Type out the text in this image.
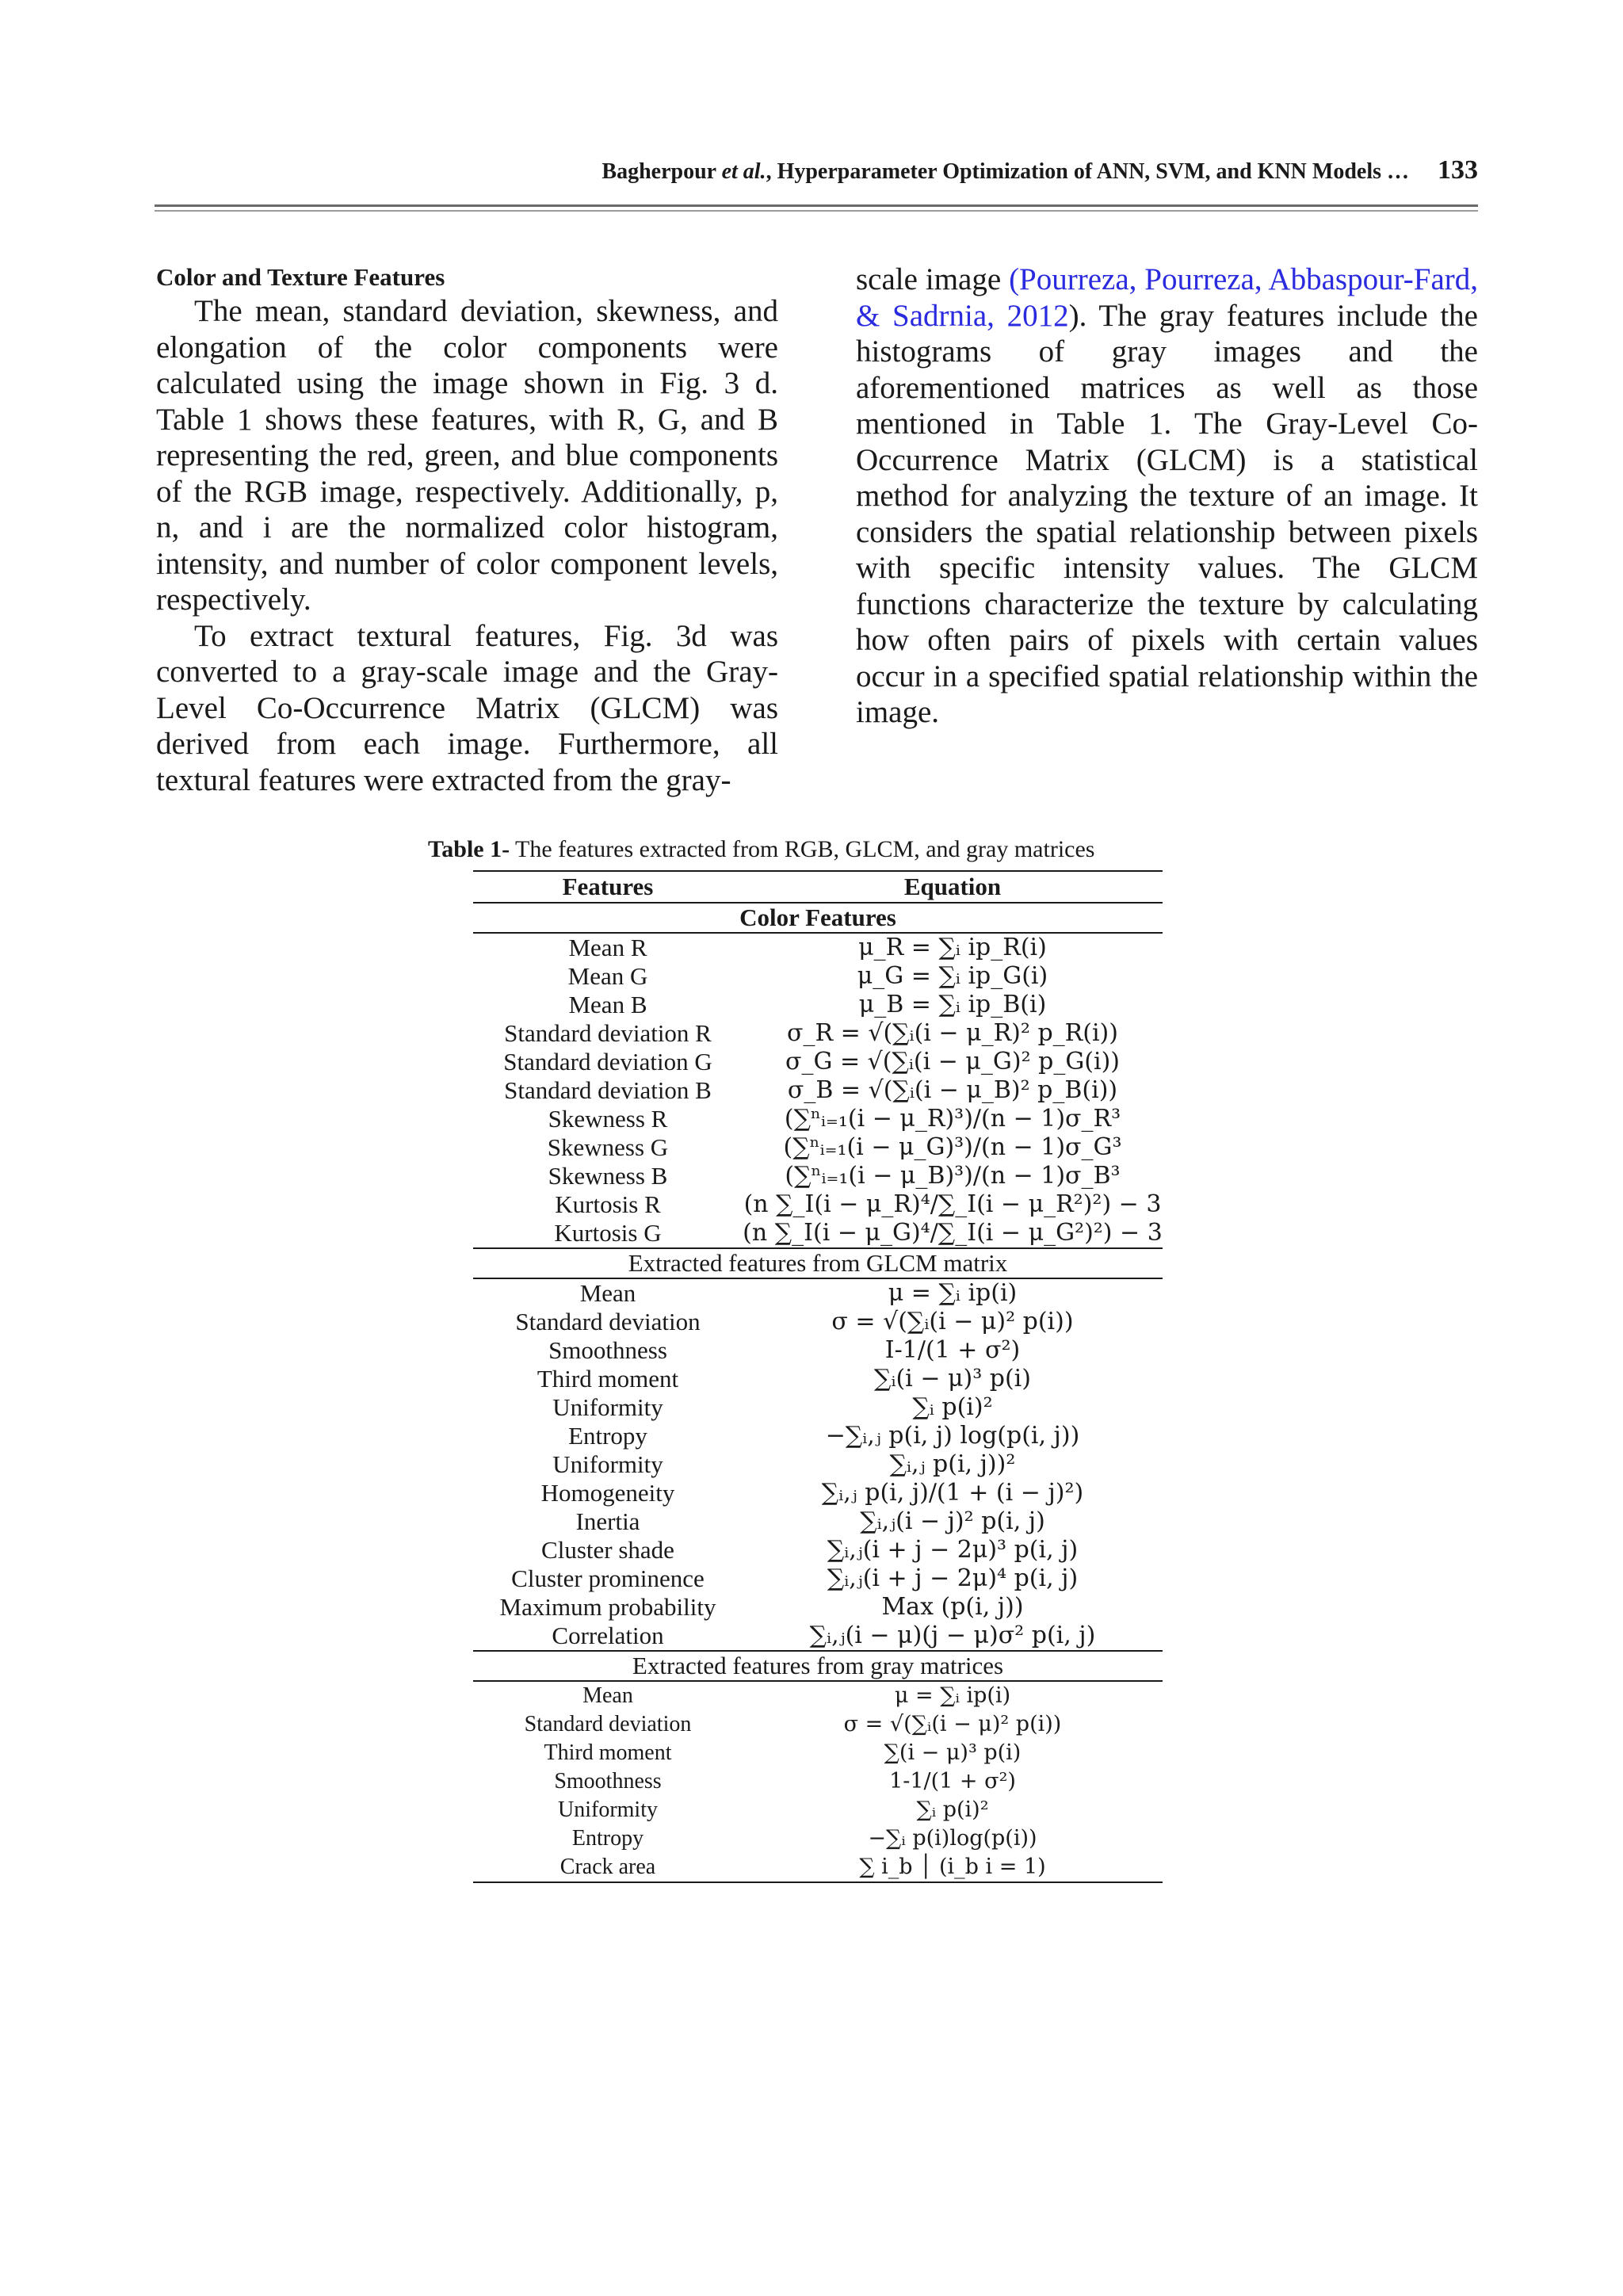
Bagherpour et al., Hyperparameter Optimization of ANN, SVM, and KNN Models … 133
Color and Texture Features

The mean, standard deviation, skewness, and elongation of the color components were calculated using the image shown in Fig. 3 d. Table 1 shows these features, with R, G, and B representing the red, green, and blue components of the RGB image, respectively. Additionally, p, n, and i are the normalized color histogram, intensity, and number of color component levels, respectively.

To extract textural features, Fig. 3d was converted to a gray-scale image and the Gray-Level Co-Occurrence Matrix (GLCM) was derived from each image. Furthermore, all textural features were extracted from the gray-

scale image (Pourreza, Pourreza, Abbaspour-Fard, & Sadrnia, 2012). The gray features include the histograms of gray images and the aforementioned matrices as well as those mentioned in Table 1. The Gray-Level Co-Occurrence Matrix (GLCM) is a statistical method for analyzing the texture of an image. It considers the spatial relationship between pixels with specific intensity values. The GLCM functions characterize the texture by calculating how often pairs of pixels with certain values occur in a specified spatial relationship within the image.

Table 1- The features extracted from RGB, GLCM, and gray matrices
Features	Equation
Color Features	
Mean R	μ_R = ∑ᵢ ip_R(i)
Mean G	μ_G = ∑ᵢ ip_G(i)
Mean B	μ_B = ∑ᵢ ip_B(i)
Standard deviation R	σ_R = √(∑ᵢ(i − μ_R)² p_R(i))
Standard deviation G	σ_G = √(∑ᵢ(i − μ_G)² p_G(i))
Standard deviation B	σ_B = √(∑ᵢ(i − μ_B)² p_B(i))
Skewness R	(∑ⁿᵢ₌₁(i − μ_R)³)/(n − 1)σ_R³
Skewness G	(∑ⁿᵢ₌₁(i − μ_G)³)/(n − 1)σ_G³
Skewness B	(∑ⁿᵢ₌₁(i − μ_B)³)/(n − 1)σ_B³
Kurtosis R	(n ∑_I(i − μ_R)⁴/∑_I(i − μ_R²)²) − 3
Kurtosis G	(n ∑_I(i − μ_G)⁴/∑_I(i − μ_G²)²) − 3
Extracted features from GLCM matrix	
Mean	μ = ∑ᵢ ip(i)
Standard deviation	σ = √(∑ᵢ(i − μ)² p(i))
Smoothness	I-1/(1 + σ²)
Third moment	∑ᵢ(i − μ)³ p(i)
Uniformity	∑ᵢ p(i)²
Entropy	−∑ᵢ,ⱼ p(i, j) log(p(i, j))
Uniformity	∑ᵢ,ⱼ p(i, j))²
Homogeneity	∑ᵢ,ⱼ p(i, j)/(1 + (i − j)²)
Inertia	∑ᵢ,ⱼ(i − j)² p(i, j)
Cluster shade	∑ᵢ,ⱼ(i + j − 2μ)³ p(i, j)
Cluster prominence	∑ᵢ,ⱼ(i + j − 2μ)⁴ p(i, j)
Maximum probability	Max (p(i, j))
Correlation	∑ᵢ,ⱼ(i − μ)(j − μ)σ² p(i, j)
Extracted features from gray matrices	
Mean	μ = ∑ᵢ ip(i)
Standard deviation	σ = √(∑ᵢ(i − μ)² p(i))
Third moment	∑(i − μ)³ p(i)
Smoothness	1-1/(1 + σ²)
Uniformity	∑ᵢ p(i)²
Entropy	−∑ᵢ p(i)log(p(i))
Crack area	∑ i_b │ (i_b i = 1)
